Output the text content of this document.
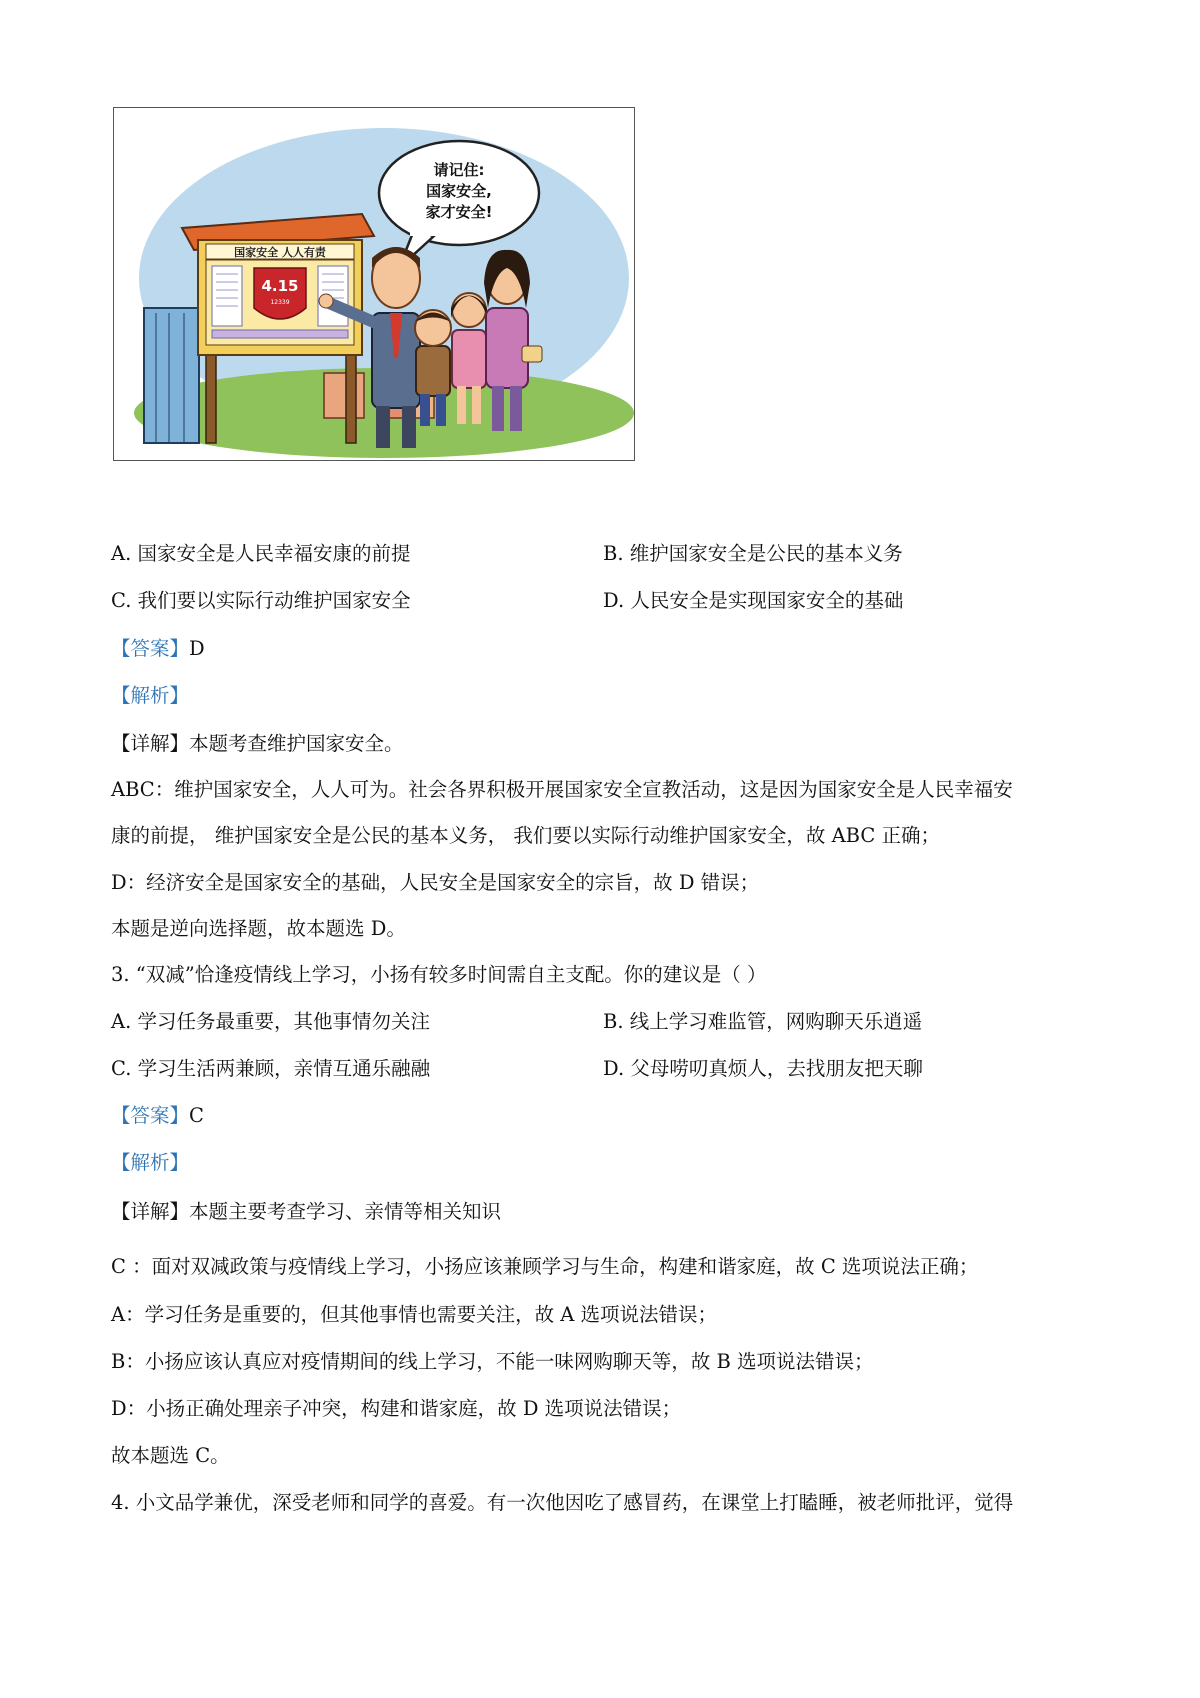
国家安全 人人有责
4.15
12339
请记住:
国家安全,
家才安全!
A. 国家安全是人民幸福安康的前提	B. 维护国家安全是公民的基本义务
C. 我们要以实际行动维护国家安全	D. 人民安全是实现国家安全的基础
【答案】D
【解析】
【详解】本题考查维护国家安全。
ABC：维护国家安全，人人可为。社会各界积极开展国家安全宣教活动，这是因为国家安全是人民幸福安
康的前提， 维护国家安全是公民的基本义务， 我们要以实际行动维护国家安全，故 ABC 正确；
D：经济安全是国家安全的基础，人民安全是国家安全的宗旨，故 D 错误；
本题是逆向选择题，故本题选 D。
3. “双减”恰逢疫情线上学习，小扬有较多时间需自主支配。你的建议是（ ）
A. 学习任务最重要，其他事情勿关注	B. 线上学习难监管，网购聊天乐逍遥
C. 学习生活两兼顾，亲情互通乐融融	D. 父母唠叨真烦人，去找朋友把天聊
【答案】C
【解析】
【详解】本题主要考查学习、亲情等相关知识
C ：面对双减政策与疫情线上学习，小扬应该兼顾学习与生命，构建和谐家庭，故 C 选项说法正确；
A：学习任务是重要的，但其他事情也需要关注，故 A 选项说法错误；
B：小扬应该认真应对疫情期间的线上学习，不能一味网购聊天等，故 B 选项说法错误；
D：小扬正确处理亲子冲突，构建和谐家庭，故 D 选项说法错误；
故本题选 C。
4. 小文品学兼优，深受老师和同学的喜爱。有一次他因吃了感冒药，在课堂上打瞌睡，被老师批评，觉得
